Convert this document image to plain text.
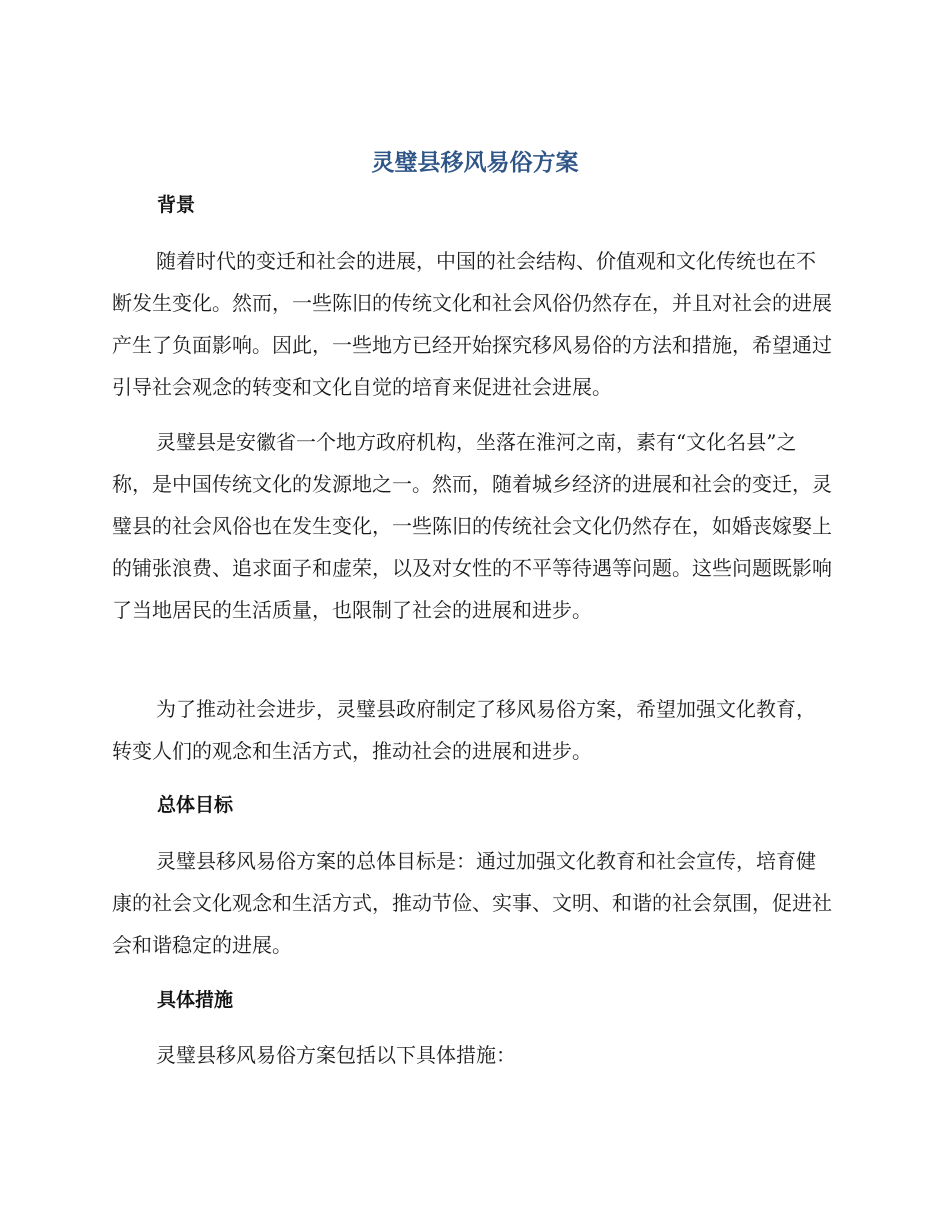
灵璧县移风易俗方案
背景

随着时代的变迁和社会的进展，中国的社会结构、价值观和文化传统也在不断发生变化。然而，一些陈旧的传统文化和社会风俗仍然存在，并且对社会的进展产生了负面影响。因此，一些地方已经开始探究移风易俗的方法和措施，希望通过引导社会观念的转变和文化自觉的培育来促进社会进展。

灵璧县是安徽省一个地方政府机构，坐落在淮河之南，素有“文化名县”之称，是中国传统文化的发源地之一。然而，随着城乡经济的进展和社会的变迁，灵璧县的社会风俗也在发生变化，一些陈旧的传统社会文化仍然存在，如婚丧嫁娶上的铺张浪费、追求面子和虚荣，以及对女性的不平等待遇等问题。这些问题既影响了当地居民的生活质量，也限制了社会的进展和进步。

为了推动社会进步，灵璧县政府制定了移风易俗方案，希望加强文化教育，转变人们的观念和生活方式，推动社会的进展和进步。

总体目标

灵璧县移风易俗方案的总体目标是：通过加强文化教育和社会宣传，培育健康的社会文化观念和生活方式，推动节俭、实事、文明、和谐的社会氛围，促进社会和谐稳定的进展。

具体措施

灵璧县移风易俗方案包括以下具体措施：
